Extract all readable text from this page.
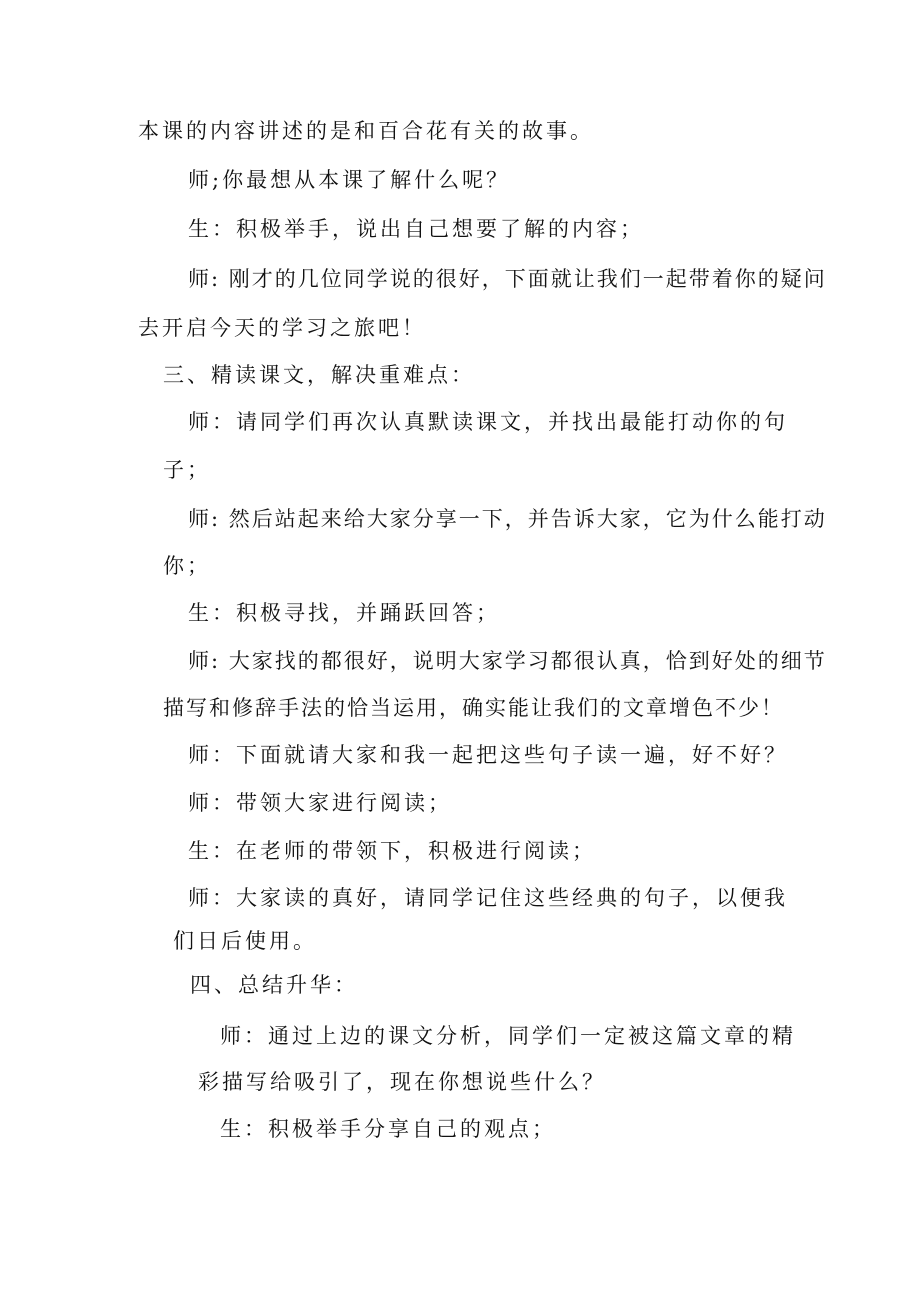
本课的内容讲述的是和百合花有关的故事。

师;你最想从本课了解什么呢？

生：积极举手，说出自己想要了解的内容；

师: 刚才的几位同学说的很好，下面就让我们一起带着你的疑问

去开启今天的学习之旅吧！

三、精读课文，解决重难点：

师：请同学们再次认真默读课文，并找出最能打动你的句

子；

师: 然后站起来给大家分享一下，并告诉大家，它为什么能打动

你；

生：积极寻找，并踊跃回答；

师: 大家找的都很好，说明大家学习都很认真，恰到好处的细节

描写和修辞手法的恰当运用，确实能让我们的文章增色不少！

师：下面就请大家和我一起把这些句子读一遍，好不好？

师：带领大家进行阅读；

生：在老师的带领下，积极进行阅读；

师：大家读的真好，请同学记住这些经典的句子，以便我

们日后使用。

四、总结升华：

师：通过上边的课文分析，同学们一定被这篇文章的精

彩描写给吸引了，现在你想说些什么？

生：积极举手分享自己的观点；
